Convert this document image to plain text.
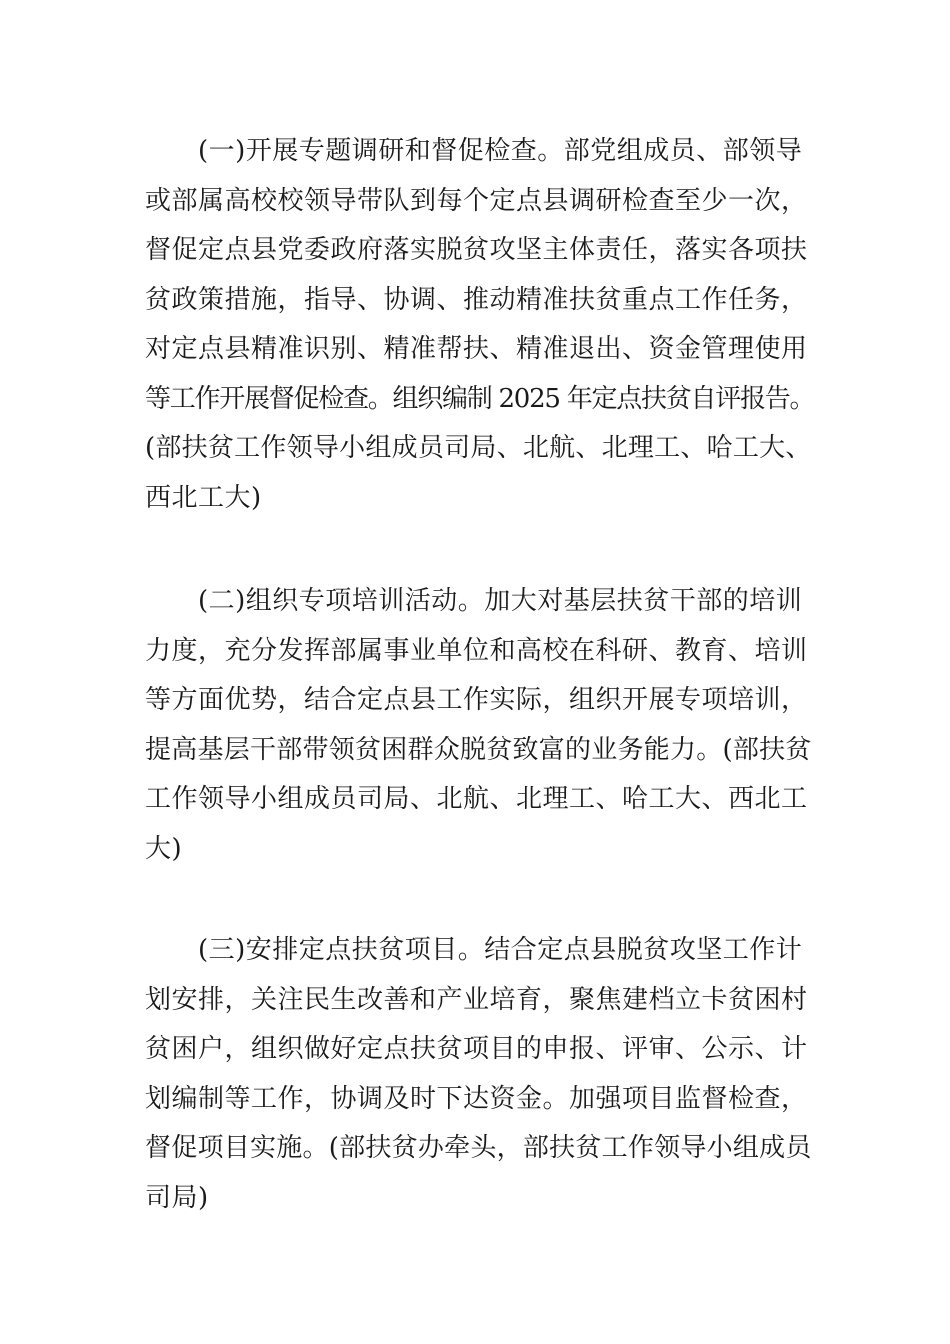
　　(一)开展专题调研和督促检查。部党组成员、部领导
或部属高校校领导带队到每个定点县调研检查至少一次，
督促定点县党委政府落实脱贫攻坚主体责任，落实各项扶
贫政策措施，指导、协调、推动精准扶贫重点工作任务，
对定点县精准识别、精准帮扶、精准退出、资金管理使用
等工作开展督促检查。组织编制 2025 年定点扶贫自评报告。
(部扶贫工作领导小组成员司局、北航、北理工、哈工大、
西北工大)
　　(二)组织专项培训活动。加大对基层扶贫干部的培训
力度，充分发挥部属事业单位和高校在科研、教育、培训
等方面优势，结合定点县工作实际，组织开展专项培训，
提高基层干部带领贫困群众脱贫致富的业务能力。(部扶贫
工作领导小组成员司局、北航、北理工、哈工大、西北工
大)
　　(三)安排定点扶贫项目。结合定点县脱贫攻坚工作计
划安排，关注民生改善和产业培育，聚焦建档立卡贫困村
贫困户，组织做好定点扶贫项目的申报、评审、公示、计
划编制等工作，协调及时下达资金。加强项目监督检查，
督促项目实施。(部扶贫办牵头，部扶贫工作领导小组成员
司局)
